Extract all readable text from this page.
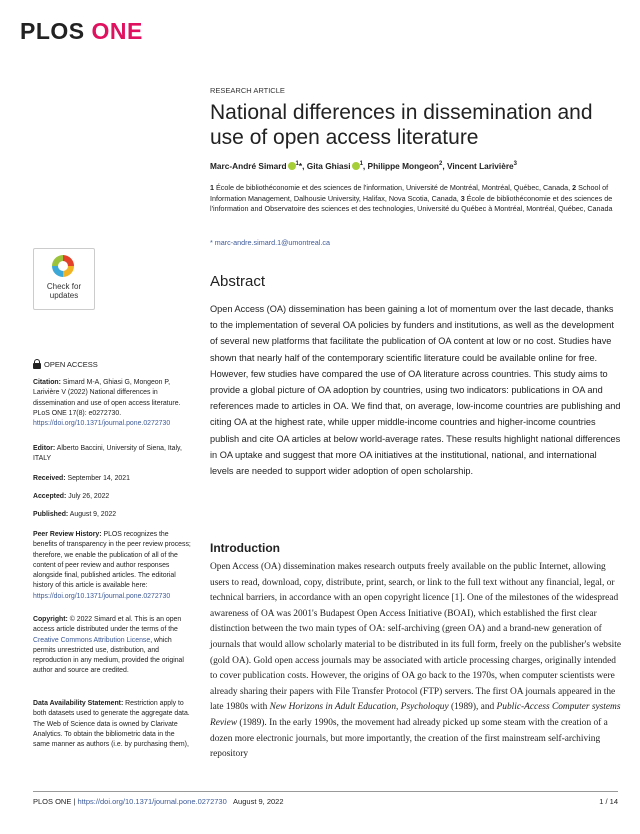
PLOS ONE
RESEARCH ARTICLE
National differences in dissemination and use of open access literature
Marc-André Simard $^1$*, Gita Ghiasi $^1$, Philippe Mongeon$^2$, Vincent Larivière$^3$
1 École de bibliothéconomie et des sciences de l'information, Université de Montréal, Montréal, Québec, Canada, 2 School of Information Management, Dalhousie University, Halifax, Nova Scotia, Canada, 3 École de bibliothéconomie et des sciences de l'information and Observatoire des sciences et des technologies, Université du Québec à Montréal, Montréal, Québec, Canada
* marc-andre.simard.1@umontreal.ca
Check for
updates
OPEN ACCESS
Citation: Simard M-A, Ghiasi G, Mongeon P, Larivière V (2022) National differences in dissemination and use of open access literature. PLoS ONE 17(8): e0272730. https://doi.org/10.1371/journal.pone.0272730
Editor: Alberto Baccini, University of Siena, Italy, ITALY
Received: September 14, 2021
Accepted: July 26, 2022
Published: August 9, 2022
Peer Review History: PLOS recognizes the benefits of transparency in the peer review process; therefore, we enable the publication of all of the content of peer review and author responses alongside final, published articles. The editorial history of this article is available here: https://doi.org/10.1371/journal.pone.0272730
Copyright: © 2022 Simard et al. This is an open access article distributed under the terms of the Creative Commons Attribution License, which permits unrestricted use, distribution, and reproduction in any medium, provided the original author and source are credited.
Data Availability Statement: Restriction apply to both datasets used to generate the aggregate data. The Web of Science data is owned by Clarivate Analytics. To obtain the bibliometric data in the same manner as authors (i.e. by purchasing them),
Abstract

Open Access (OA) dissemination has been gaining a lot of momentum over the last decade, thanks to the implementation of several OA policies by funders and institutions, as well as the development of several new platforms that facilitate the publication of OA content at low or no cost. Studies have shown that nearly half of the contemporary scientific literature could be available online for free. However, few studies have compared the use of OA literature across countries. This study aims to provide a global picture of OA adoption by countries, using two indicators: publications in OA and references made to articles in OA. We find that, on average, low-income countries are publishing and citing OA at the highest rate, while upper middle-income countries and higher-income countries publish and cite OA articles at below world-average rates. These results highlight national differences in OA uptake and suggest that more OA initiatives at the institutional, national, and international levels are needed to support wider adoption of open scholarship.

Introduction

Open Access (OA) dissemination makes research outputs freely available on the public Internet, allowing users to read, download, copy, distribute, print, search, or link to the full text without any financial, legal, or technical barriers, in accordance with an open copyright licence [1]. One of the milestones of the widespread awareness of OA was 2001's Budapest Open Access Initiative (BOAI), which established the first clear distinction between the two main types of OA: self-archiving (green OA) and a brand-new generation of journals that would allow scholarly material to be distributed in its full form, freely on the publisher's website (gold OA). Gold open access journals may be associated with article processing charges, originally intended to cover publication costs. However, the origins of OA go back to the 1970s, when computer scientists were already sharing their papers with File Transfer Protocol (FTP) servers. The first OA journals appeared in the late 1980s with New Horizons in Adult Education, Psycholoquy (1989), and Public-Access Computer systems Review (1989). In the early 1990s, the movement had already picked up some steam with the creation of a dozen more electronic journals, but more importantly, the creation of the first mainstream self-archiving repository

PLOS ONE | https://doi.org/10.1371/journal.pone.0272730 August 9, 2022	1 / 14
